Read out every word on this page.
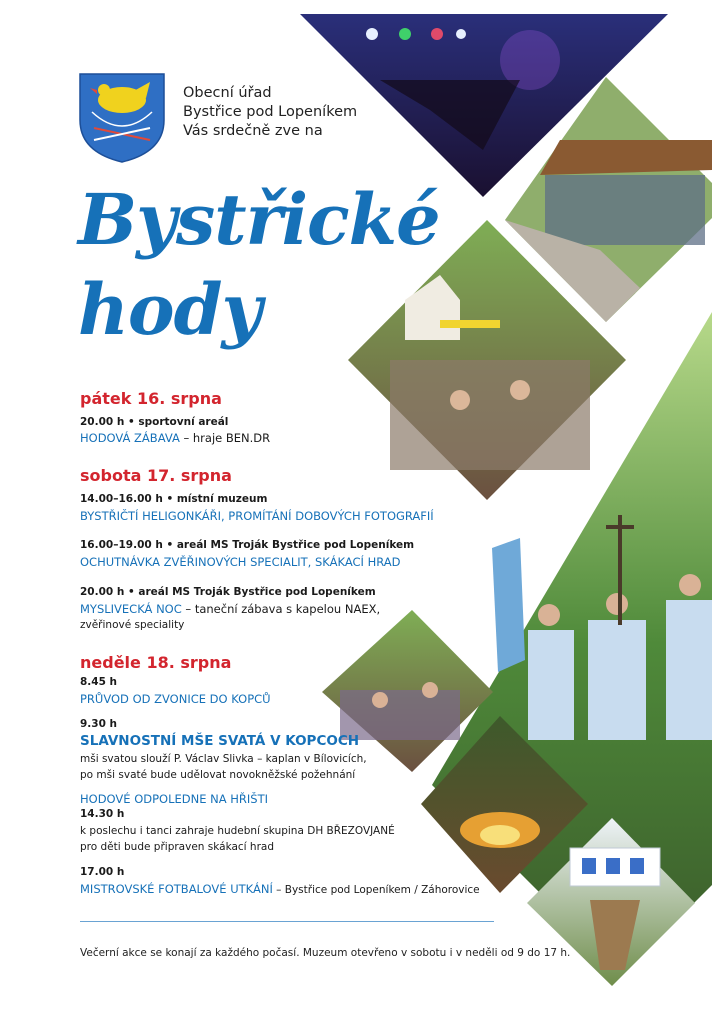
Obecní úřad
Bystřice pod Lopeníkem
Vás srdečně zve na
Bystřické
hody
pátek 16. srpna
20.00 h • sportovní areál
HODOVÁ ZÁBAVA – hraje BEN.DR
sobota 17. srpna
14.00–16.00 h • místní muzeum
BYSTŘIČTÍ HELIGONKÁŘI, PROMÍTÁNÍ DOBOVÝCH FOTOGRAFIÍ
16.00–19.00 h • areál MS Troják Bystřice pod Lopeníkem
OCHUTNÁVKA ZVĚŘINOVÝCH SPECIALIT, SKÁKACÍ HRAD
20.00 h • areál MS Troják Bystřice pod Lopeníkem
MYSLIVECKÁ NOC – taneční zábava s kapelou NAEX,
zvěřinové speciality
neděle 18. srpna
8.45 h
PRŮVOD OD ZVONICE DO KOPCŮ
9.30 h
SLAVNOSTNÍ MŠE SVATÁ V KOPCOCH
mši svatou slouží P. Václav Slivka – kaplan v Bílovicích,
po mši svaté bude udělovat novokněžské požehnání
HODOVÉ ODPOLEDNE NA HŘIŠTI
14.30 h
k poslechu i tanci zahraje hudební skupina DH BŘEZOVJANÉ
pro děti bude připraven skákací hrad
17.00 h
MISTROVSKÉ FOTBALOVÉ UTKÁNÍ – Bystřice pod Lopeníkem / Záhorovice
Večerní akce se konají za každého počasí. Muzeum otevřeno v sobotu i v neděli od 9 do 17 h.
